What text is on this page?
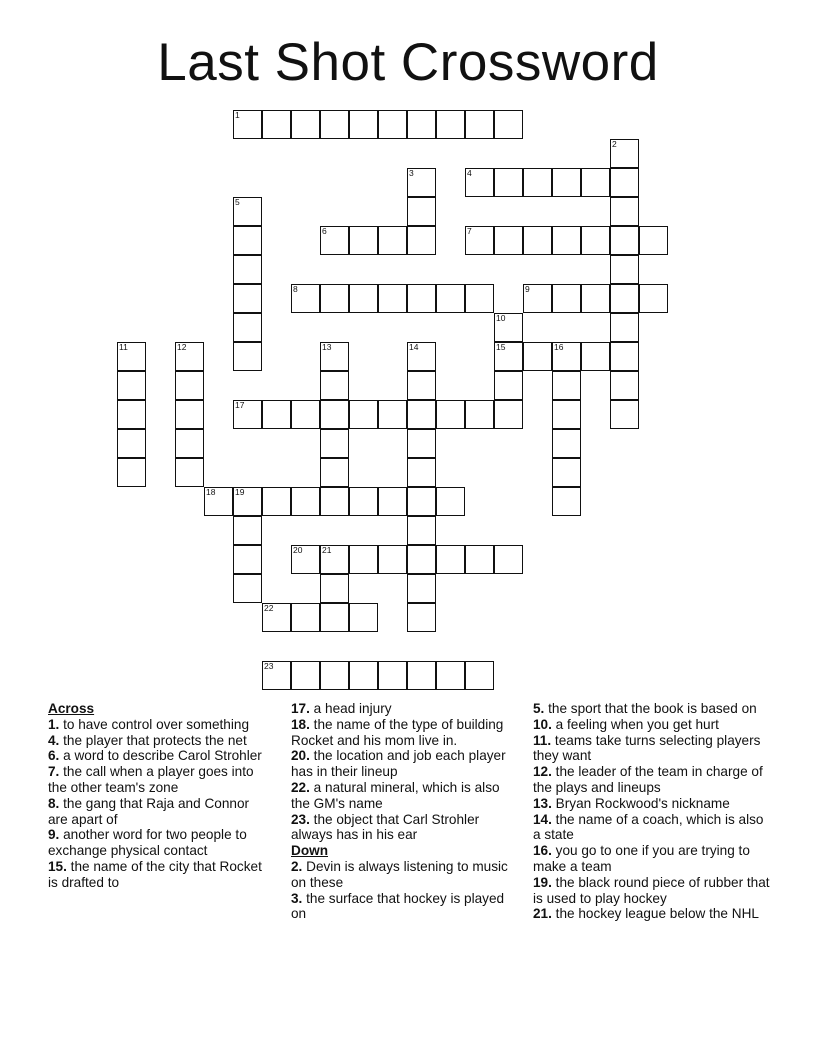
Last Shot Crossword
1
2
3	4
5
6	7
8	9
10
15
11	12	13	14	16
17
18 19
20 21
22
23
Across
1. to have control over something
4. the player that protects the net
6. a word to describe Carol Strohler
7. the call when a player goes into the other team's zone
8. the gang that Raja and Connor are apart of
9. another word for two people to exchange physical contact
15. the name of the city that Rocket is drafted to
17. a head injury
18. the name of the type of building Rocket and his mom live in.
20. the location and job each player has in their lineup
22. a natural mineral, which is also the GM's name
23. the object that Carl Strohler always has in his ear
Down
2. Devin is always listening to music on these
3. the surface that hockey is played on
5. the sport that the book is based on
10. a feeling when you get hurt
11. teams take turns selecting players they want
12. the leader of the team in charge of the plays and lineups
13. Bryan Rockwood's nickname
14. the name of a coach, which is also a state
16. you go to one if you are trying to make a team
19. the black round piece of rubber that is used to play hockey
21. the hockey league below the NHL
